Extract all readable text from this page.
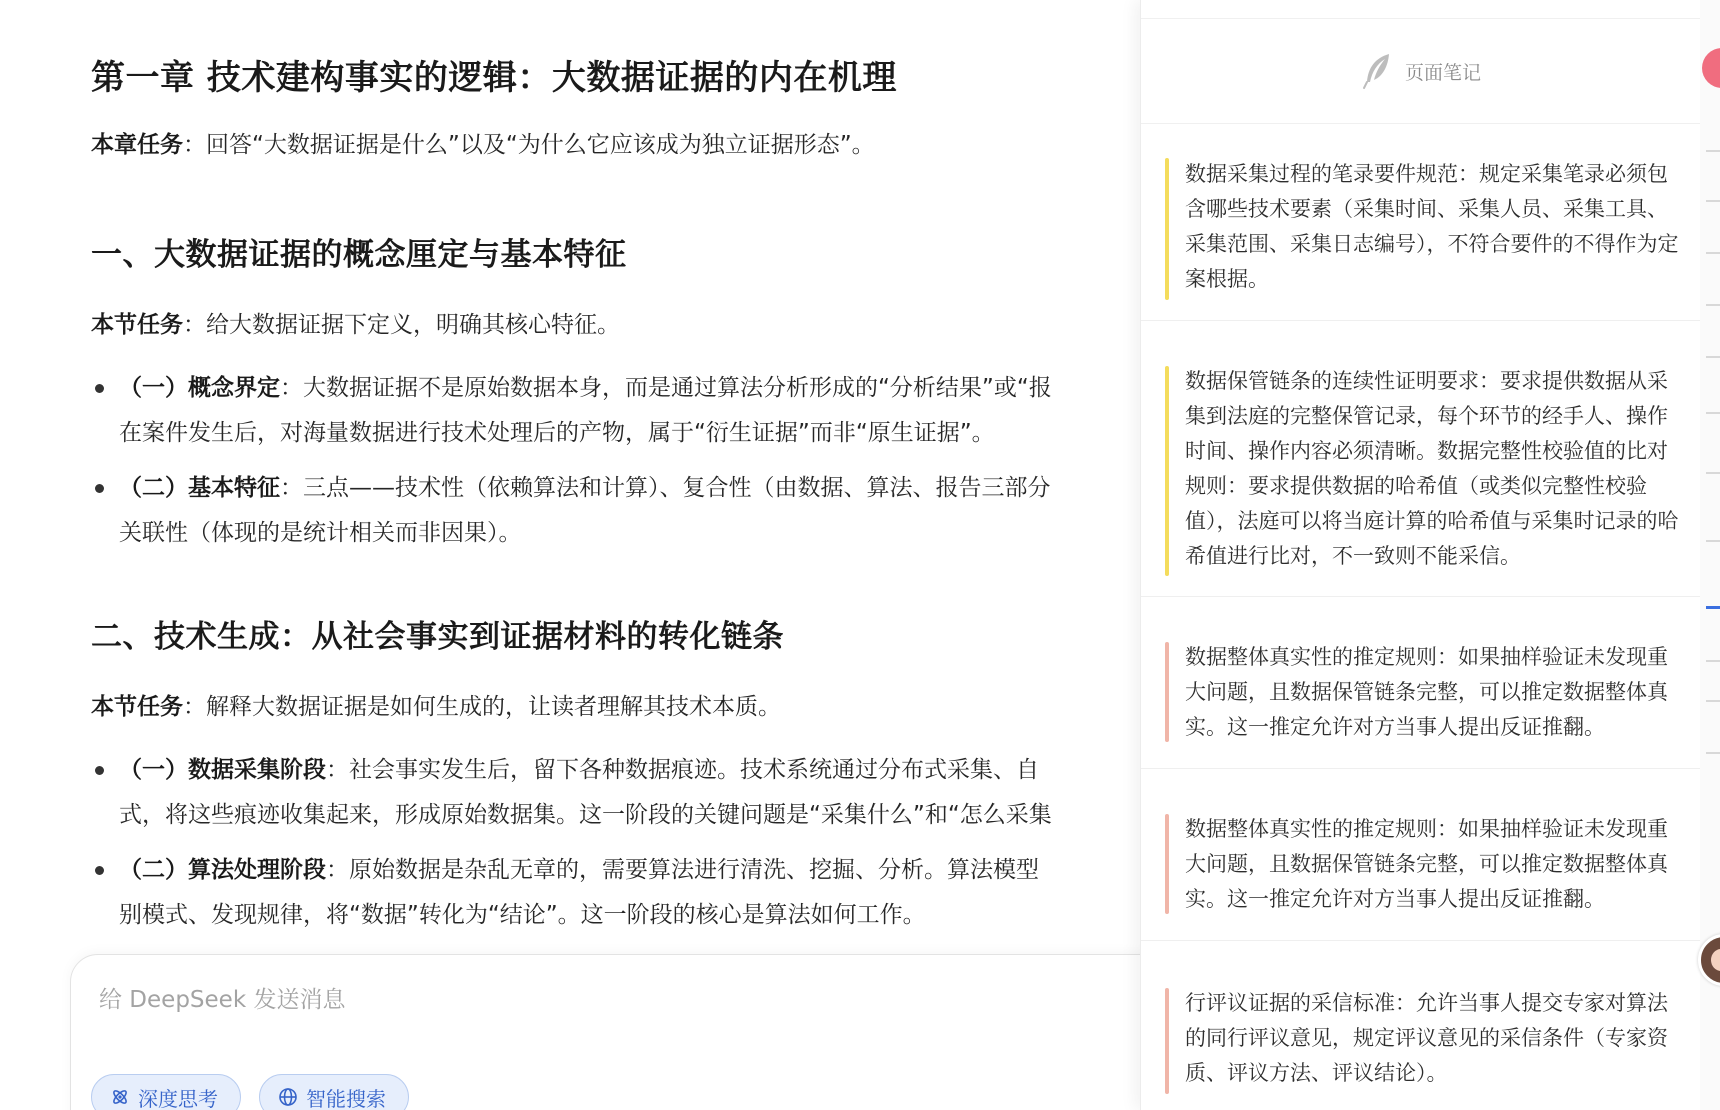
第一章 技术建构事实的逻辑：大数据证据的内在机理
本章任务：回答“大数据证据是什么”以及“为什么它应该成为独立证据形态”。
一、大数据证据的概念厘定与基本特征
本节任务：给大数据证据下定义，明确其核心特征。
（一）概念界定：大数据证据不是原始数据本身，而是通过算法分析形成的“分析结果”或“报
在案件发生后，对海量数据进行技术处理后的产物，属于“衍生证据”而非“原生证据”。
（二）基本特征：三点——技术性（依赖算法和计算）、复合性（由数据、算法、报告三部分
关联性（体现的是统计相关而非因果）。
二、技术生成：从社会事实到证据材料的转化链条
本节任务：解释大数据证据是如何生成的，让读者理解其技术本质。
（一）数据采集阶段：社会事实发生后，留下各种数据痕迹。技术系统通过分布式采集、自
式，将这些痕迹收集起来，形成原始数据集。这一阶段的关键问题是“采集什么”和“怎么采集
（二）算法处理阶段：原始数据是杂乱无章的，需要算法进行清洗、挖掘、分析。算法模型
别模式、发现规律，将“数据”转化为“结论”。这一阶段的核心是算法如何工作。
给 DeepSeek 发送消息
深度思考	智能搜索
页面笔记
数据采集过程的笔录要件规范：规定采集笔录必须包含哪些技术要素（采集时间、采集人员、采集工具、采集范围、采集日志编号），不符合要件的不得作为定案根据。
数据保管链条的连续性证明要求：要求提供数据从采集到法庭的完整保管记录，每个环节的经手人、操作时间、操作内容必须清晰。数据完整性校验值的比对规则：要求提供数据的哈希值（或类似完整性校验值），法庭可以将当庭计算的哈希值与采集时记录的哈希值进行比对，不一致则不能采信。
数据整体真实性的推定规则：如果抽样验证未发现重大问题，且数据保管链条完整，可以推定数据整体真实。这一推定允许对方当事人提出反证推翻。
数据整体真实性的推定规则：如果抽样验证未发现重大问题，且数据保管链条完整，可以推定数据整体真实。这一推定允许对方当事人提出反证推翻。
行评议证据的采信标准：允许当事人提交专家对算法的同行评议意见，规定评议意见的采信条件（专家资质、评议方法、评议结论）。
